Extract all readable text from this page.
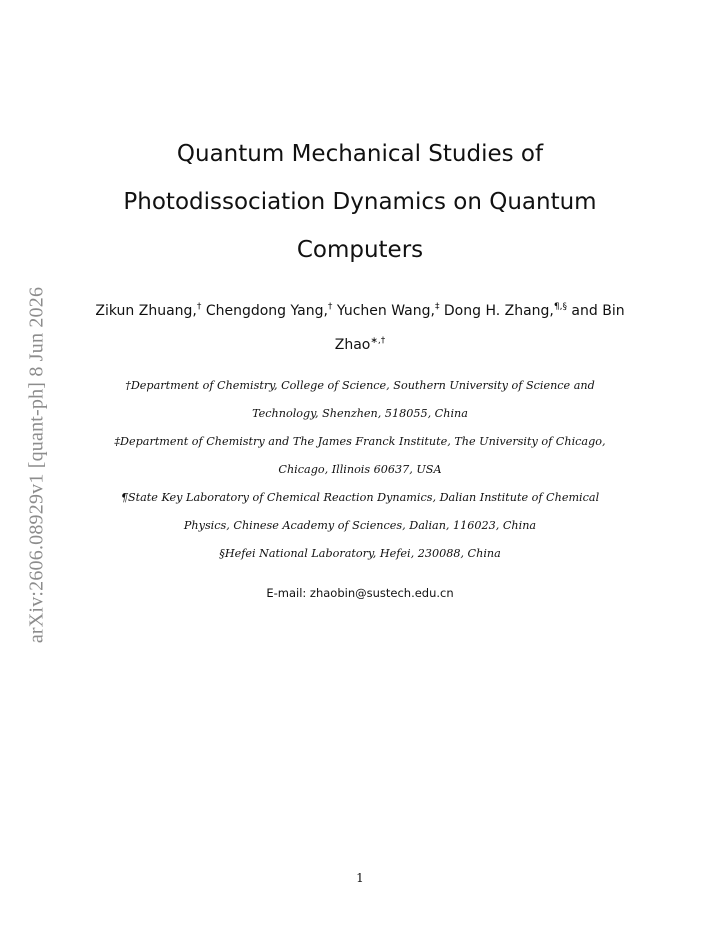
arXiv:2606.08929v1 [quant-ph] 8 Jun 2026
Quantum Mechanical Studies of
Photodissociation Dynamics on Quantum
Computers
Zikun Zhuang,† Chengdong Yang,† Yuchen Wang,‡ Dong H. Zhang,¶,§ and Bin
Zhao∗,†
†Department of Chemistry, College of Science, Southern University of Science and
Technology, Shenzhen, 518055, China
‡Department of Chemistry and The James Franck Institute, The University of Chicago,
Chicago, Illinois 60637, USA
¶State Key Laboratory of Chemical Reaction Dynamics, Dalian Institute of Chemical
Physics, Chinese Academy of Sciences, Dalian, 116023, China
§Hefei National Laboratory, Hefei, 230088, China
E-mail: zhaobin@sustech.edu.cn
1
